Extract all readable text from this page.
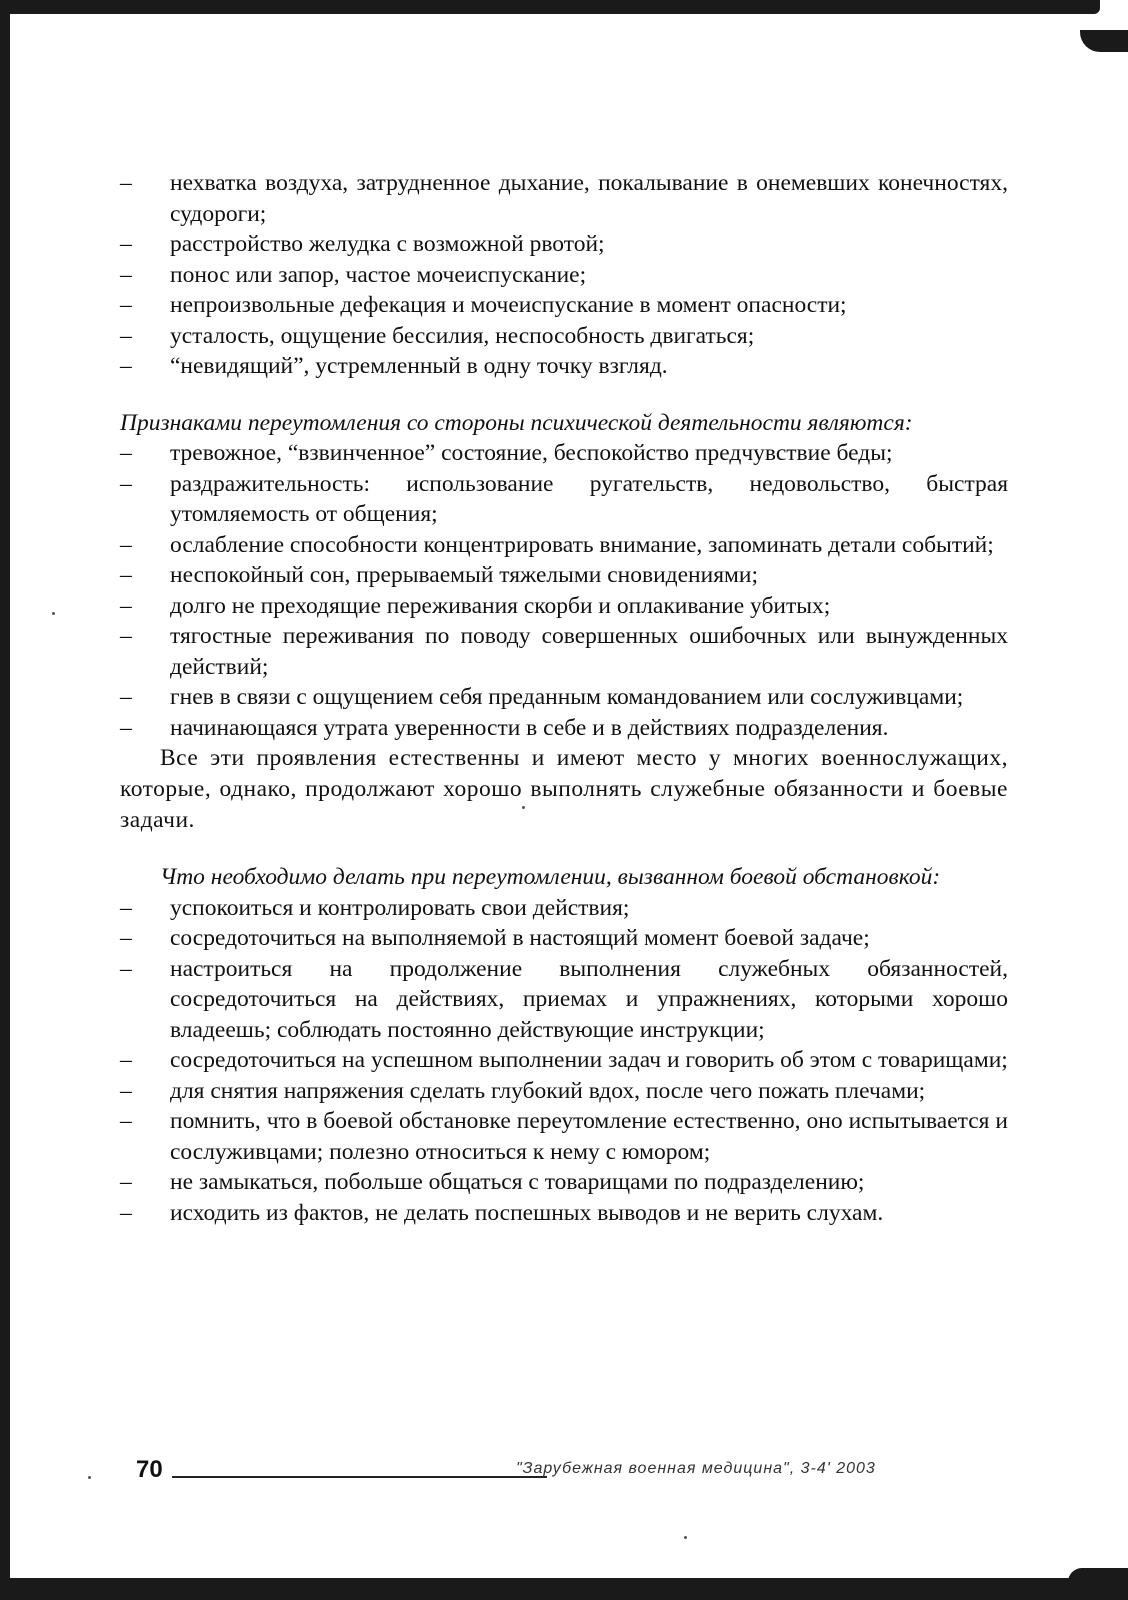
– нехватка воздуха, затрудненное дыхание, покалывание в онемевших конечностях, судороги;
– расстройство желудка с возможной рвотой;
– понос или запор, частое мочеиспускание;
– непроизвольные дефекация и мочеиспускание в момент опасности;
– усталость, ощущение бессилия, неспособность двигаться;
– “невидящий”, устремленный в одну точку взгляд.

Признаками переутомления со стороны психической деятельности являются:

– тревожное, “взвинченное” состояние, беспокойство предчувствие беды;
– раздражительность: использование ругательств, недовольство, быстрая утомляемость от общения;
– ослабление способности концентрировать внимание, запоминать детали событий;
– неспокойный сон, прерываемый тяжелыми сновидениями;
– долго не преходящие переживания скорби и оплакивание убитых;
– тягостные переживания по поводу совершенных ошибочных или вынужденных действий;
– гнев в связи с ощущением себя преданным командованием или сослуживцами;
– начинающаяся утрата уверенности в себе и в действиях подразделения.

Все эти проявления естественны и имеют место у многих военнослужащих, которые, однако, продолжают хорошо выполнять служебные обязанности и боевые задачи.

Что необходимо делать при переутомлении, вызванном боевой обстановкой:

– успокоиться и контролировать свои действия;
– сосредоточиться на выполняемой в настоящий момент боевой задаче;
– настроиться на продолжение выполнения служебных обязанностей, сосредоточиться на действиях, приемах и упражнениях, которыми хорошо владеешь; соблюдать постоянно действующие инструкции;
– сосредоточиться на успешном выполнении задач и говорить об этом с товарищами;
– для снятия напряжения сделать глубокий вдох, после чего пожать плечами;
– помнить, что в боевой обстановке переутомление естественно, оно испытывается и сослуживцами; полезно относиться к нему с юмором;
– не замыкаться, побольше общаться с товарищами по подразделению;
– исходить из фактов, не делать поспешных выводов и не верить слухам.
70	"Зарубежная военная медицина", 3-4' 2003
